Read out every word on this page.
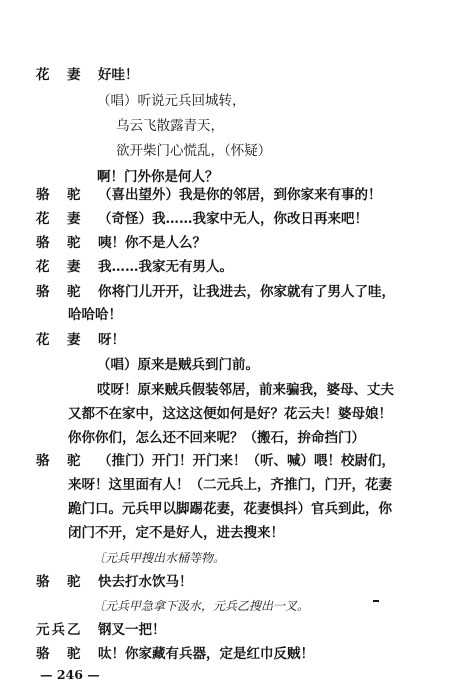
花　妻 好哇！
（唱）听说元兵回城转，
乌云飞散露青天，
欲开柴门心慌乱，（怀疑）
啊！门外你是何人？
骆　驼 （喜出望外）我是你的邻居，到你家来有事的！
花　妻 （奇怪）我……我家中无人，你改日再来吧！
骆　驼 咦！你不是人么？
花　妻 我……我家无有男人。
骆　驼 你将门儿开开，让我进去，你家就有了男人了哇，
哈哈哈！
花　妻 呀！
（唱）原来是贼兵到门前。
哎呀！原来贼兵假装邻居，前来骗我，婆母、丈夫
又都不在家中，这这这便如何是好？花云夫！婆母娘！
你你你们，怎么还不回来呢？（搬石，拚命挡门）
骆　驼 （推门）开门！开门来！（听、喊）喂！校尉们，
来呀！这里面有人！（二元兵上，齐推门，门开，花妻
跪门口。元兵甲以脚踢花妻，花妻惧抖）官兵到此，你
闭门不开，定不是好人，进去搜来！
〔元兵甲搜出水桶等物。
骆　驼 快去打水饮马！
〔元兵甲急拿下汲水，元兵乙搜出一叉。
元兵乙 钢叉一把！
骆　驼 呔！你家藏有兵器，定是红巾反贼！
— 246 —
